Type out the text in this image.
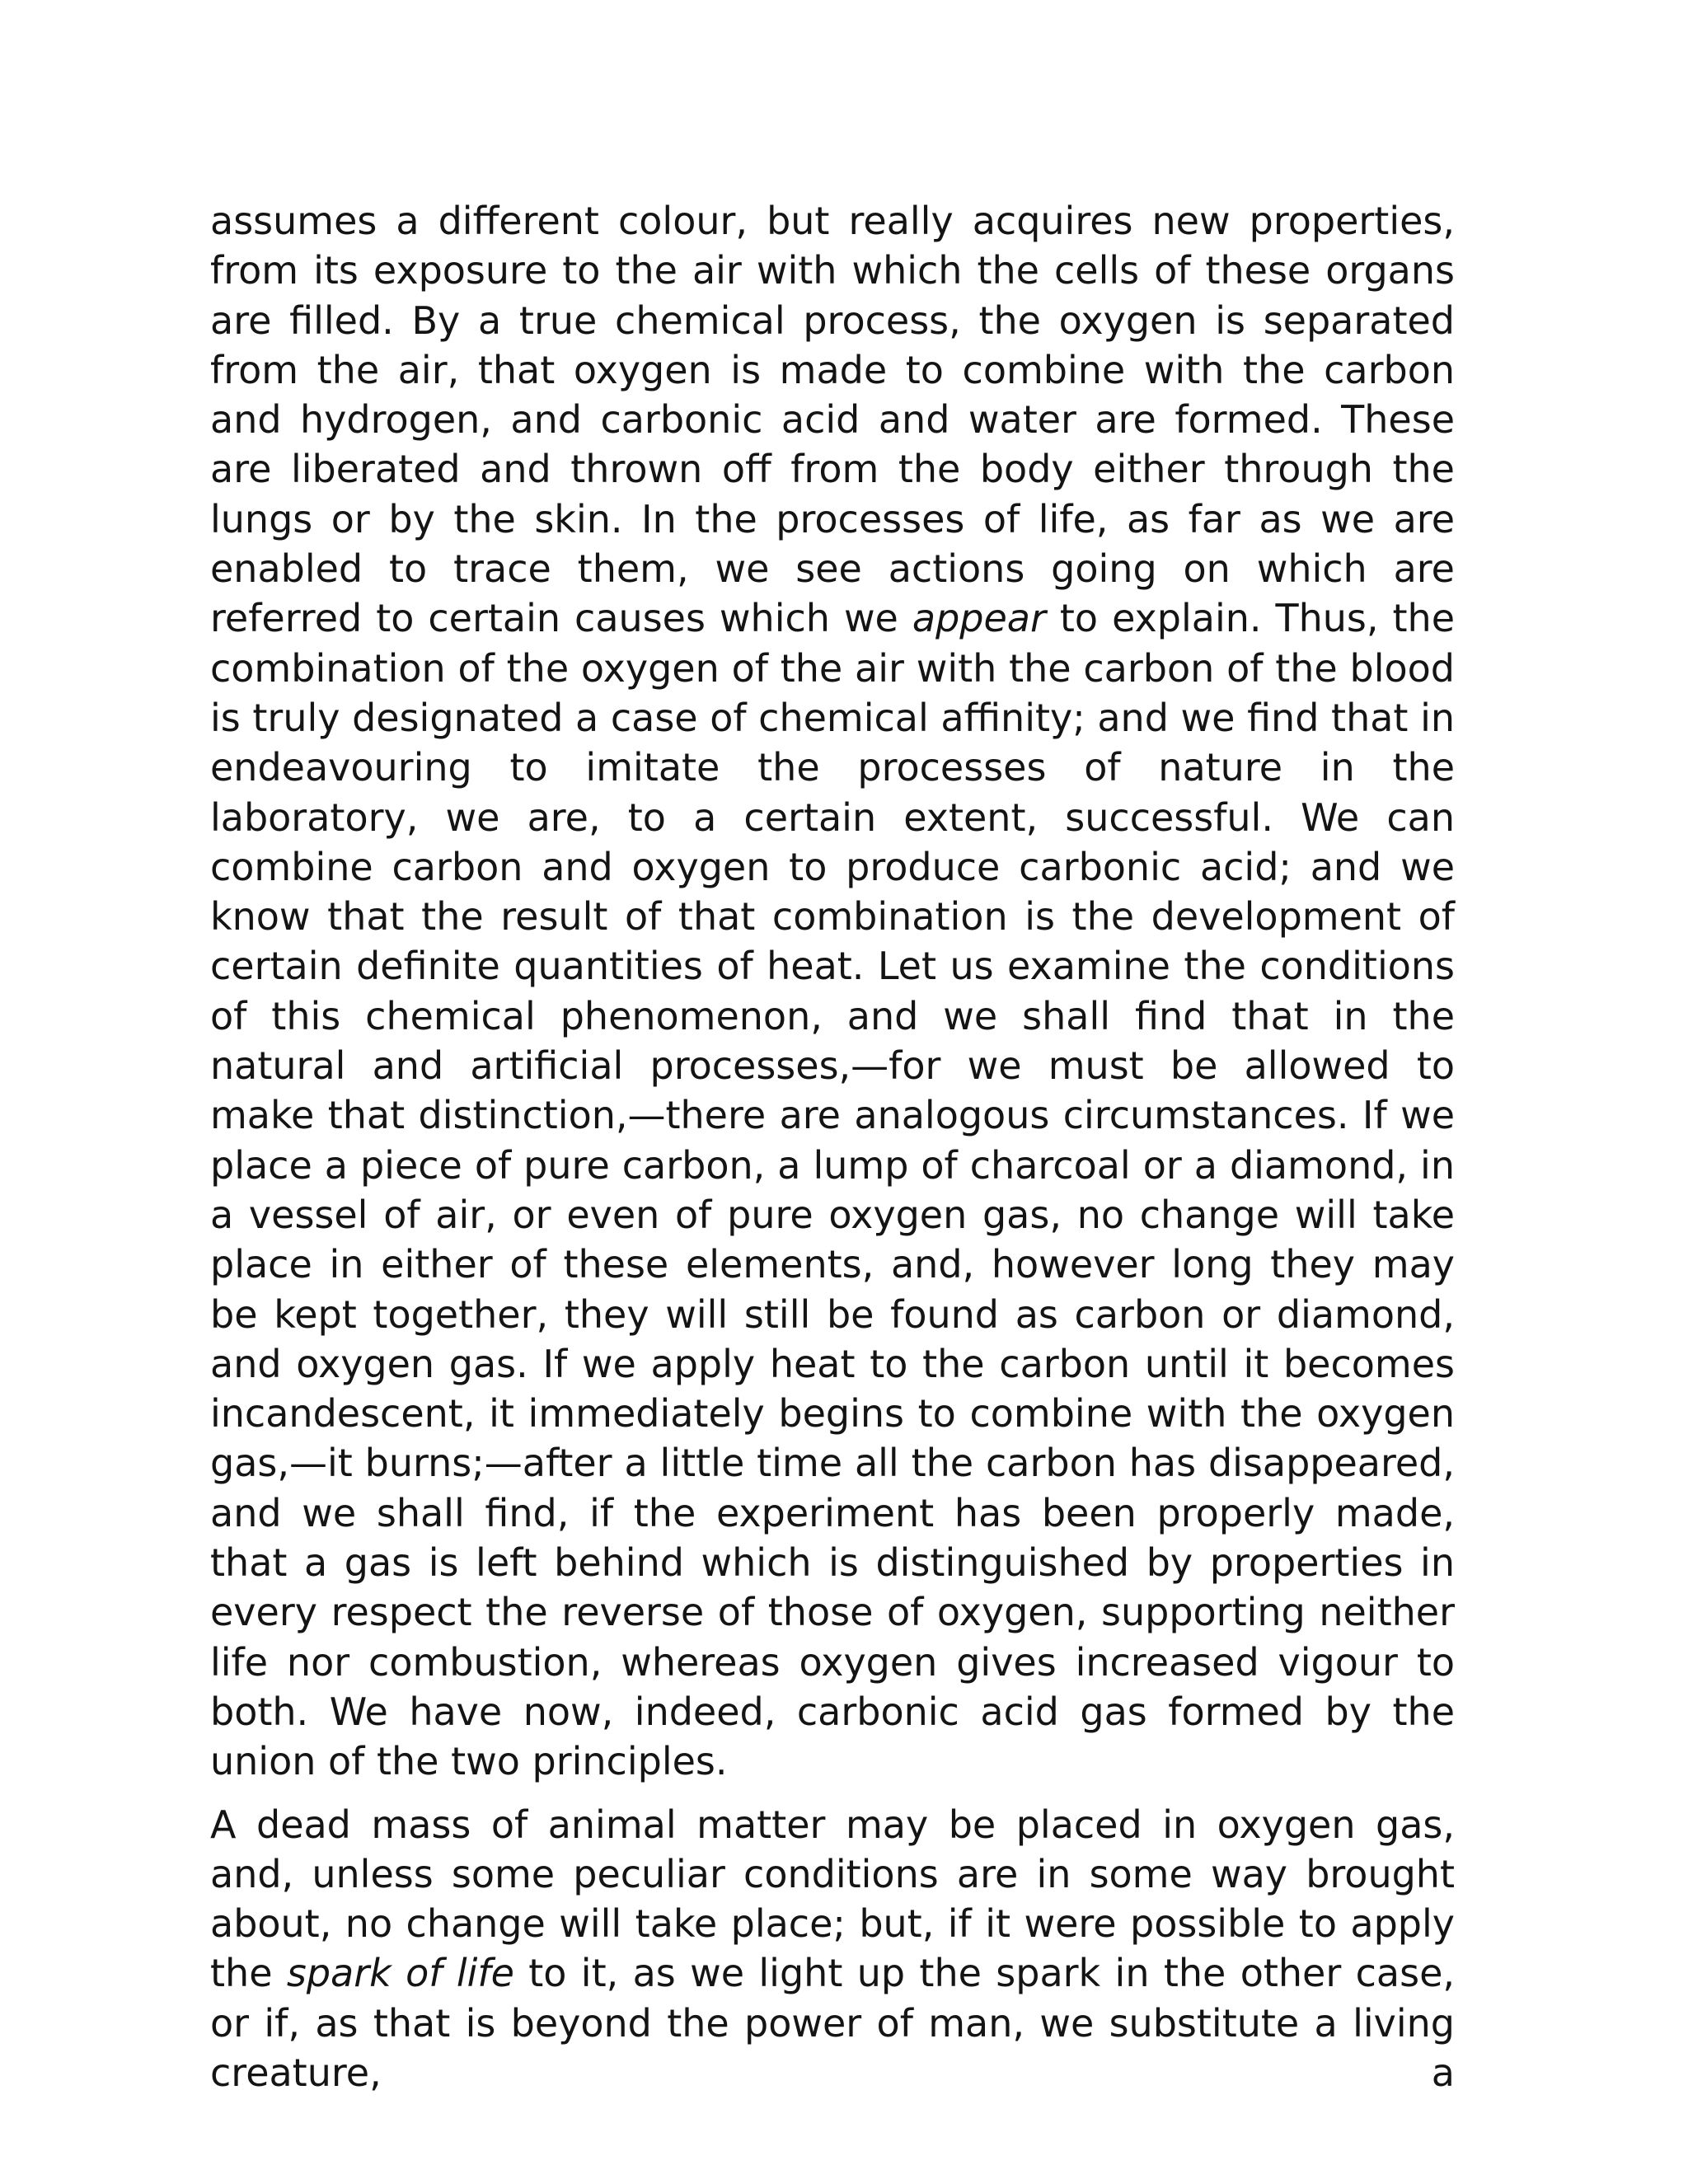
assumes a different colour, but really acquires new properties, from its exposure to the air with which the cells of these organs are filled. By a true chemical process, the oxygen is separated from the air, that oxygen is made to combine with the carbon and hydrogen, and carbonic acid and water are formed. These are liberated and thrown off from the body either through the lungs or by the skin. In the processes of life, as far as we are enabled to trace them, we see actions going on which are referred to certain causes which we appear to explain. Thus, the combination of the oxygen of the air with the carbon of the blood is truly designated a case of chemical affinity; and we find that in endeavouring to imitate the processes of nature in the laboratory, we are, to a certain extent, successful. We can combine carbon and oxygen to produce carbonic acid; and we know that the result of that combination is the development of certain definite quantities of heat. Let us examine the conditions of this chemical phenomenon, and we shall find that in the natural and artificial processes,—for we must be allowed to make that distinction,—there are analogous circumstances. If we place a piece of pure carbon, a lump of charcoal or a diamond, in a vessel of air, or even of pure oxygen gas, no change will take place in either of these elements, and, however long they may be kept together, they will still be found as carbon or diamond, and oxygen gas. If we apply heat to the carbon until it becomes incandescent, it immediately begins to combine with the oxygen gas,—it burns;—after a little time all the carbon has disappeared, and we shall find, if the experiment has been properly made, that a gas is left behind which is distinguished by properties in every respect the reverse of those of oxygen, supporting neither life nor combustion, whereas oxygen gives increased vigour to both. We have now, indeed, carbonic acid gas formed by the union of the two principles.

A dead mass of animal matter may be placed in oxygen gas, and, unless some peculiar conditions are in some way brought about, no change will take place; but, if it were possible to apply the spark of life to it, as we light up the spark in the other case, or if, as that is beyond the power of man, we substitute a living creature, a
